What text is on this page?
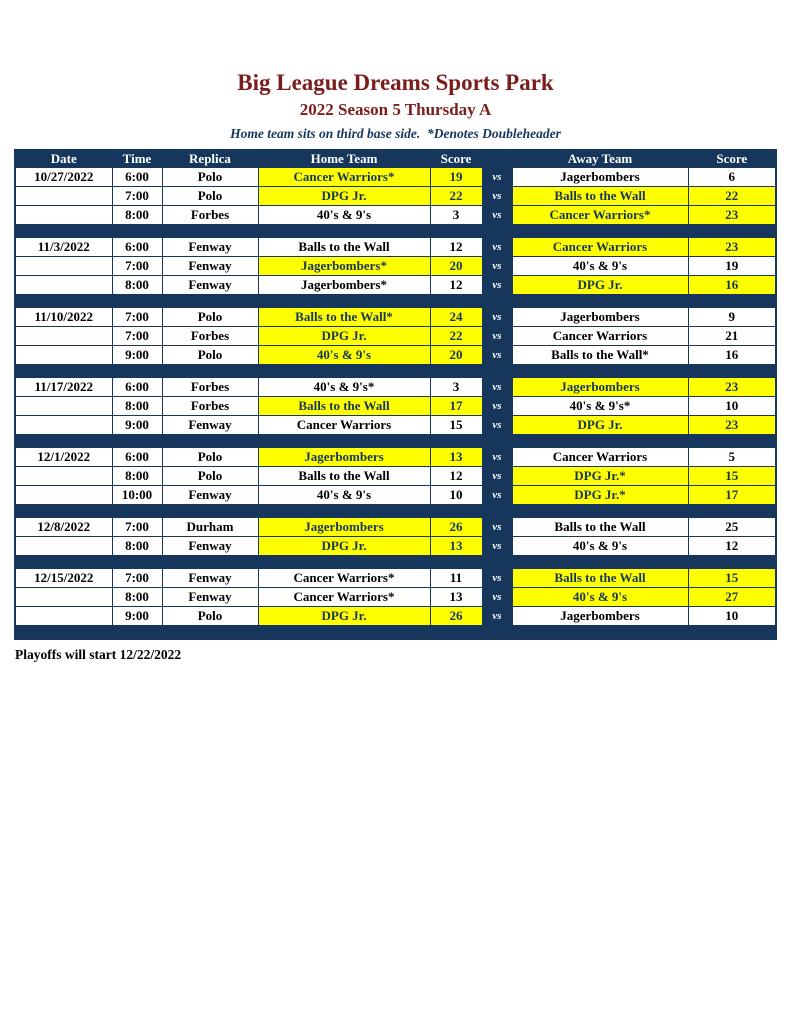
Big League Dreams Sports Park
2022 Season 5 Thursday A
Home team sits on third base side.  *Denotes Doubleheader
Date	Time	Replica	Home Team	Score		Away Team	Score
10/27/2022	6:00	Polo	Cancer Warriors*	19	vs	Jagerbombers	6
	7:00	Polo	DPG Jr.	22	vs	Balls to the Wall	22
	8:00	Forbes	40's & 9's	3	vs	Cancer Warriors*	23

11/3/2022	6:00	Fenway	Balls to the Wall	12	vs	Cancer Warriors	23
	7:00	Fenway	Jagerbombers*	20	vs	40's & 9's	19
	8:00	Fenway	Jagerbombers*	12	vs	DPG Jr.	16

11/10/2022	7:00	Polo	Balls to the Wall*	24	vs	Jagerbombers	9
	7:00	Forbes	DPG Jr.	22	vs	Cancer Warriors	21
	9:00	Polo	40's & 9's	20	vs	Balls to the Wall*	16

11/17/2022	6:00	Forbes	40's & 9's*	3	vs	Jagerbombers	23
	8:00	Forbes	Balls to the Wall	17	vs	40's & 9's*	10
	9:00	Fenway	Cancer Warriors	15	vs	DPG Jr.	23

12/1/2022	6:00	Polo	Jagerbombers	13	vs	Cancer Warriors	5
	8:00	Polo	Balls to the Wall	12	vs	DPG Jr.*	15
	10:00	Fenway	40's & 9's	10	vs	DPG Jr.*	17

12/8/2022	7:00	Durham	Jagerbombers	26	vs	Balls to the Wall	25
	8:00	Fenway	DPG Jr.	13	vs	40's & 9's	12

12/15/2022	7:00	Fenway	Cancer Warriors*	11	vs	Balls to the Wall	15
	8:00	Fenway	Cancer Warriors*	13	vs	40's & 9's	27
	9:00	Polo	DPG Jr.	26	vs	Jagerbombers	10

Playoffs will start 12/22/2022
